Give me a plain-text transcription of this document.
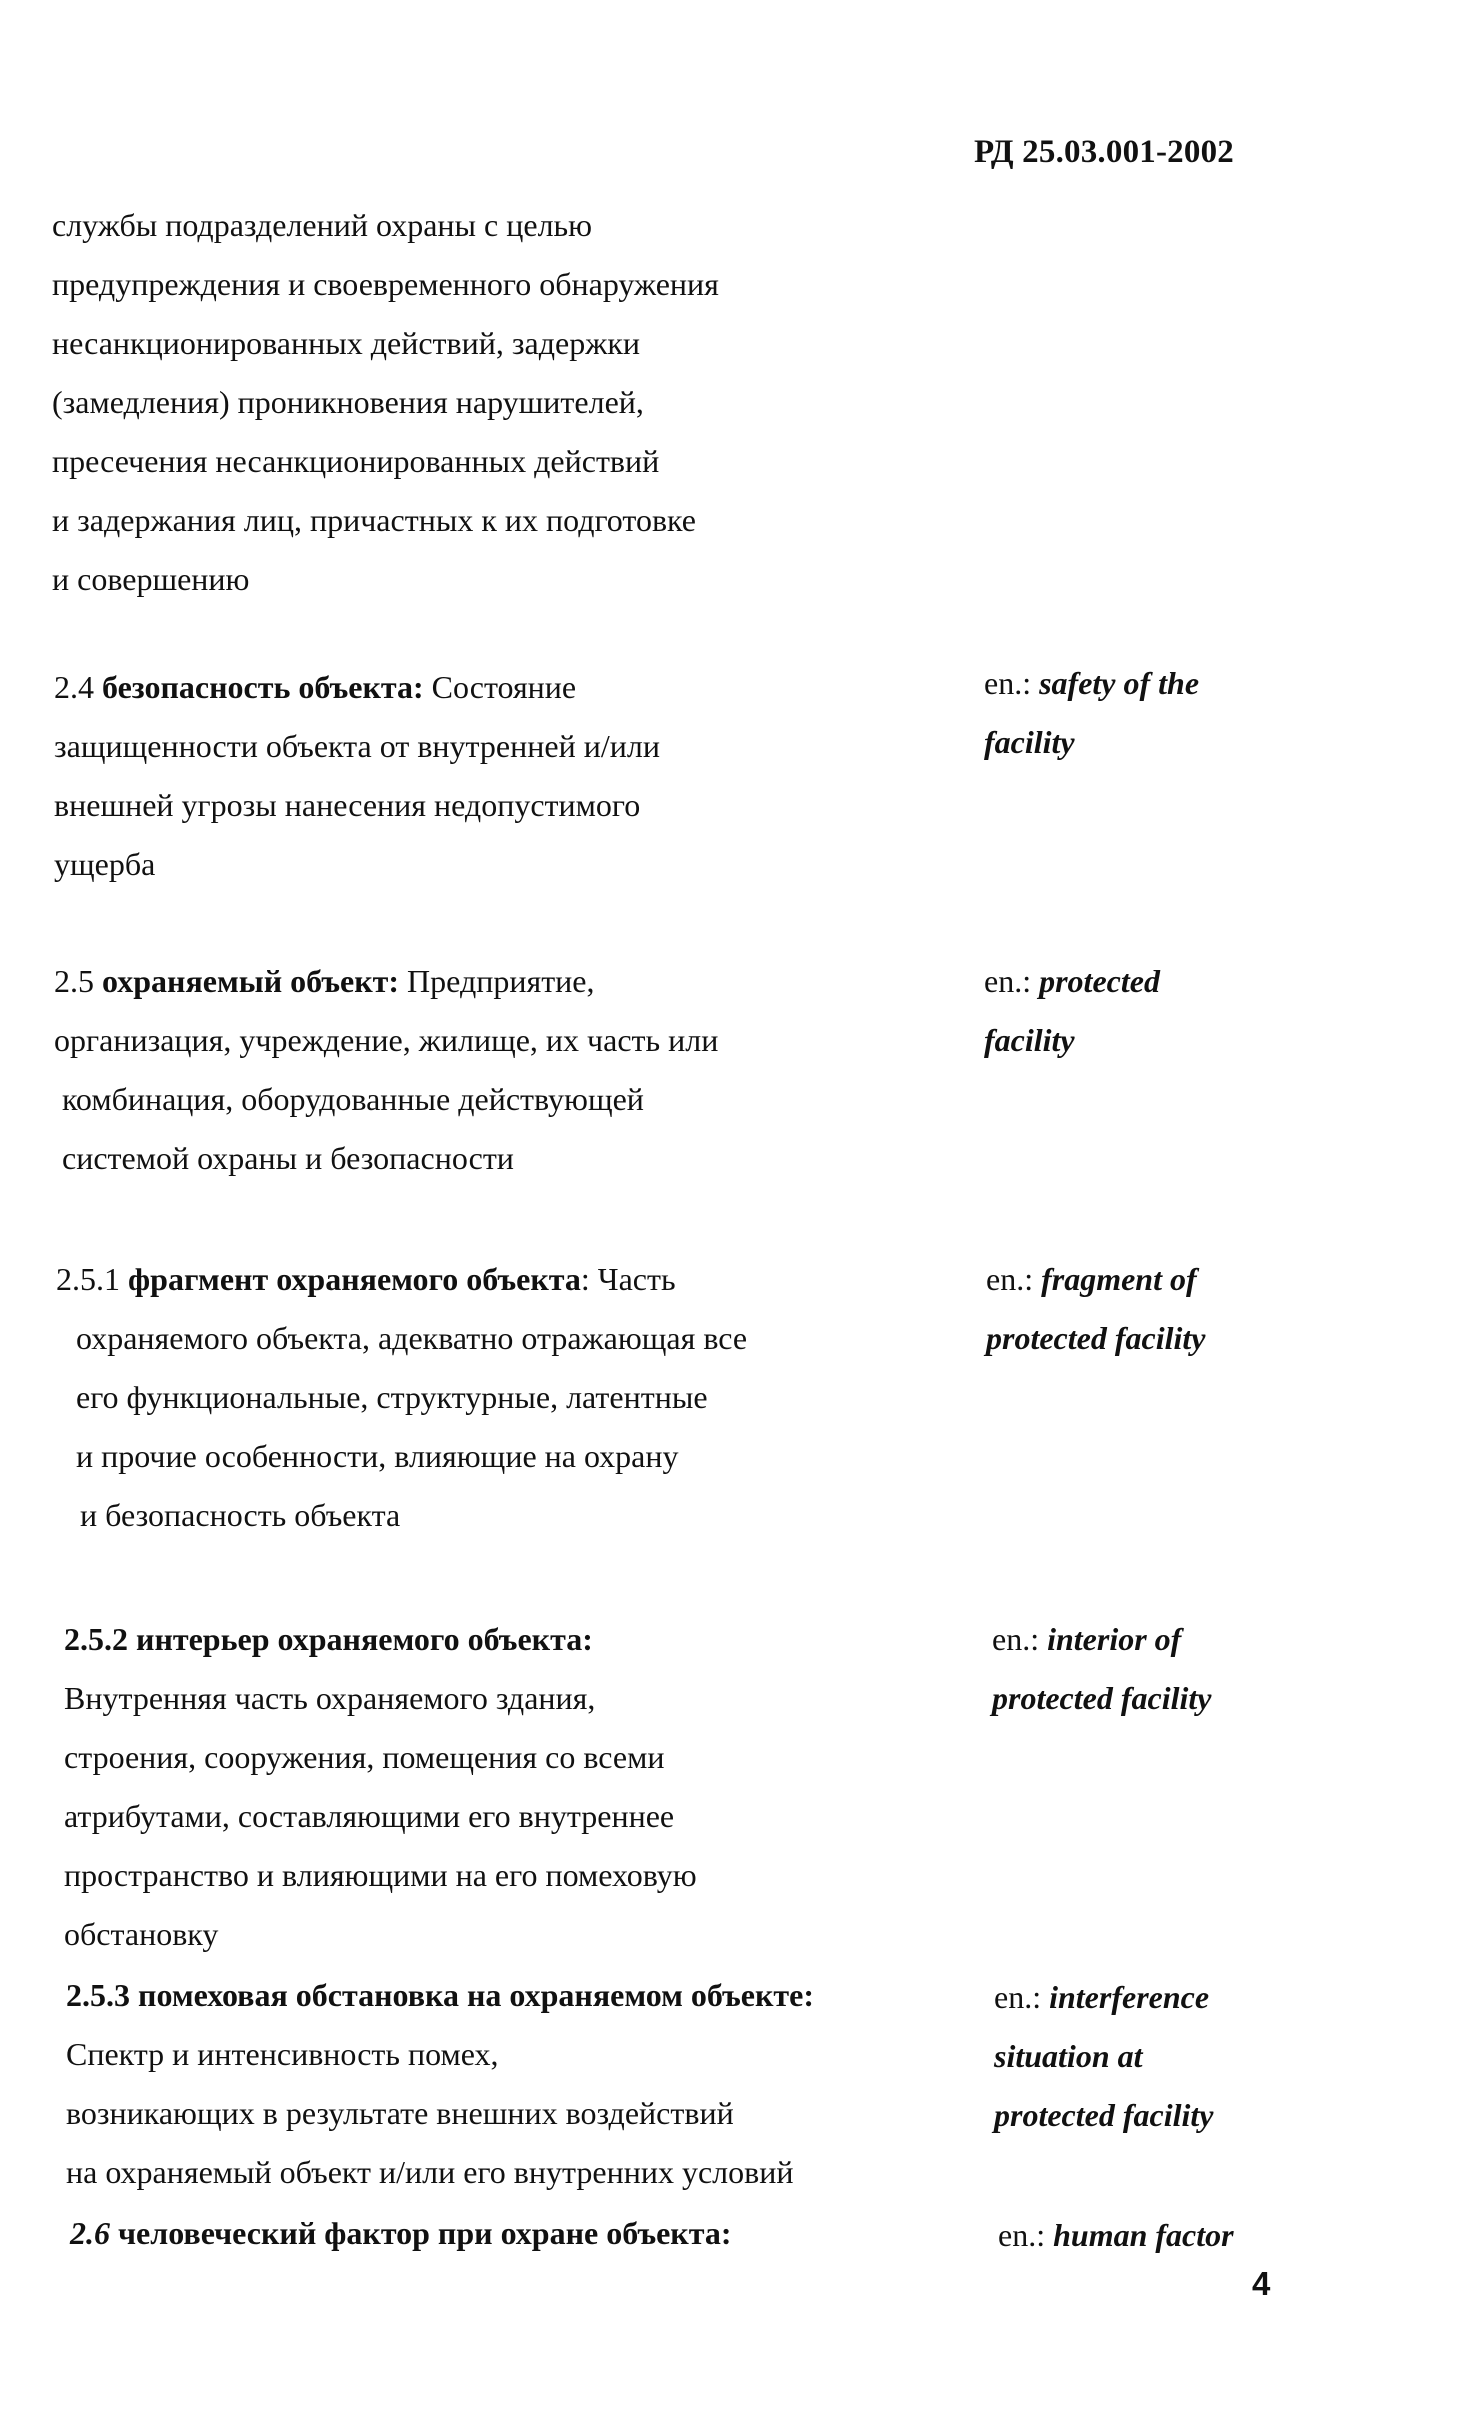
РД 25.03.001-2002
службы подразделений охраны с целью
предупреждения и своевременного обнаружения
несанкционированных действий, задержки
(замедления) проникновения нарушителей,
пресечения несанкционированных действий
и задержания лиц, причастных к их подготовке
и совершению
2.4 безопасность объекта: Состояние
защищенности объекта от внутренней и/или
внешней угрозы нанесения недопустимого
ущерба
en.: safety of the
facility
2.5 охраняемый объект: Предприятие,
организация, учреждение, жилище, их часть или
комбинация, оборудованные действующей
системой охраны и безопасности
en.: protected
facility
2.5.1 фрагмент охраняемого объекта: Часть
охраняемого объекта, адекватно отражающая все
его функциональные, структурные, латентные
и прочие особенности, влияющие на охрану
и безопасность объекта
en.: fragment of
protected facility
2.5.2 интерьер охраняемого объекта:
Внутренняя часть охраняемого здания,
строения, сооружения, помещения со всеми
атрибутами, составляющими его внутреннее
пространство и влияющими на его помеховую
обстановку
en.: interior of
protected facility
2.5.3 помеховая обстановка на охраняемом объекте:
Спектр и интенсивность помех,
возникающих в результате внешних воздействий
на охраняемый объект и/или его внутренних условий
en.: interference
situation at
protected facility
2.6 человеческий фактор при охране объекта:	en.: human factor
4
